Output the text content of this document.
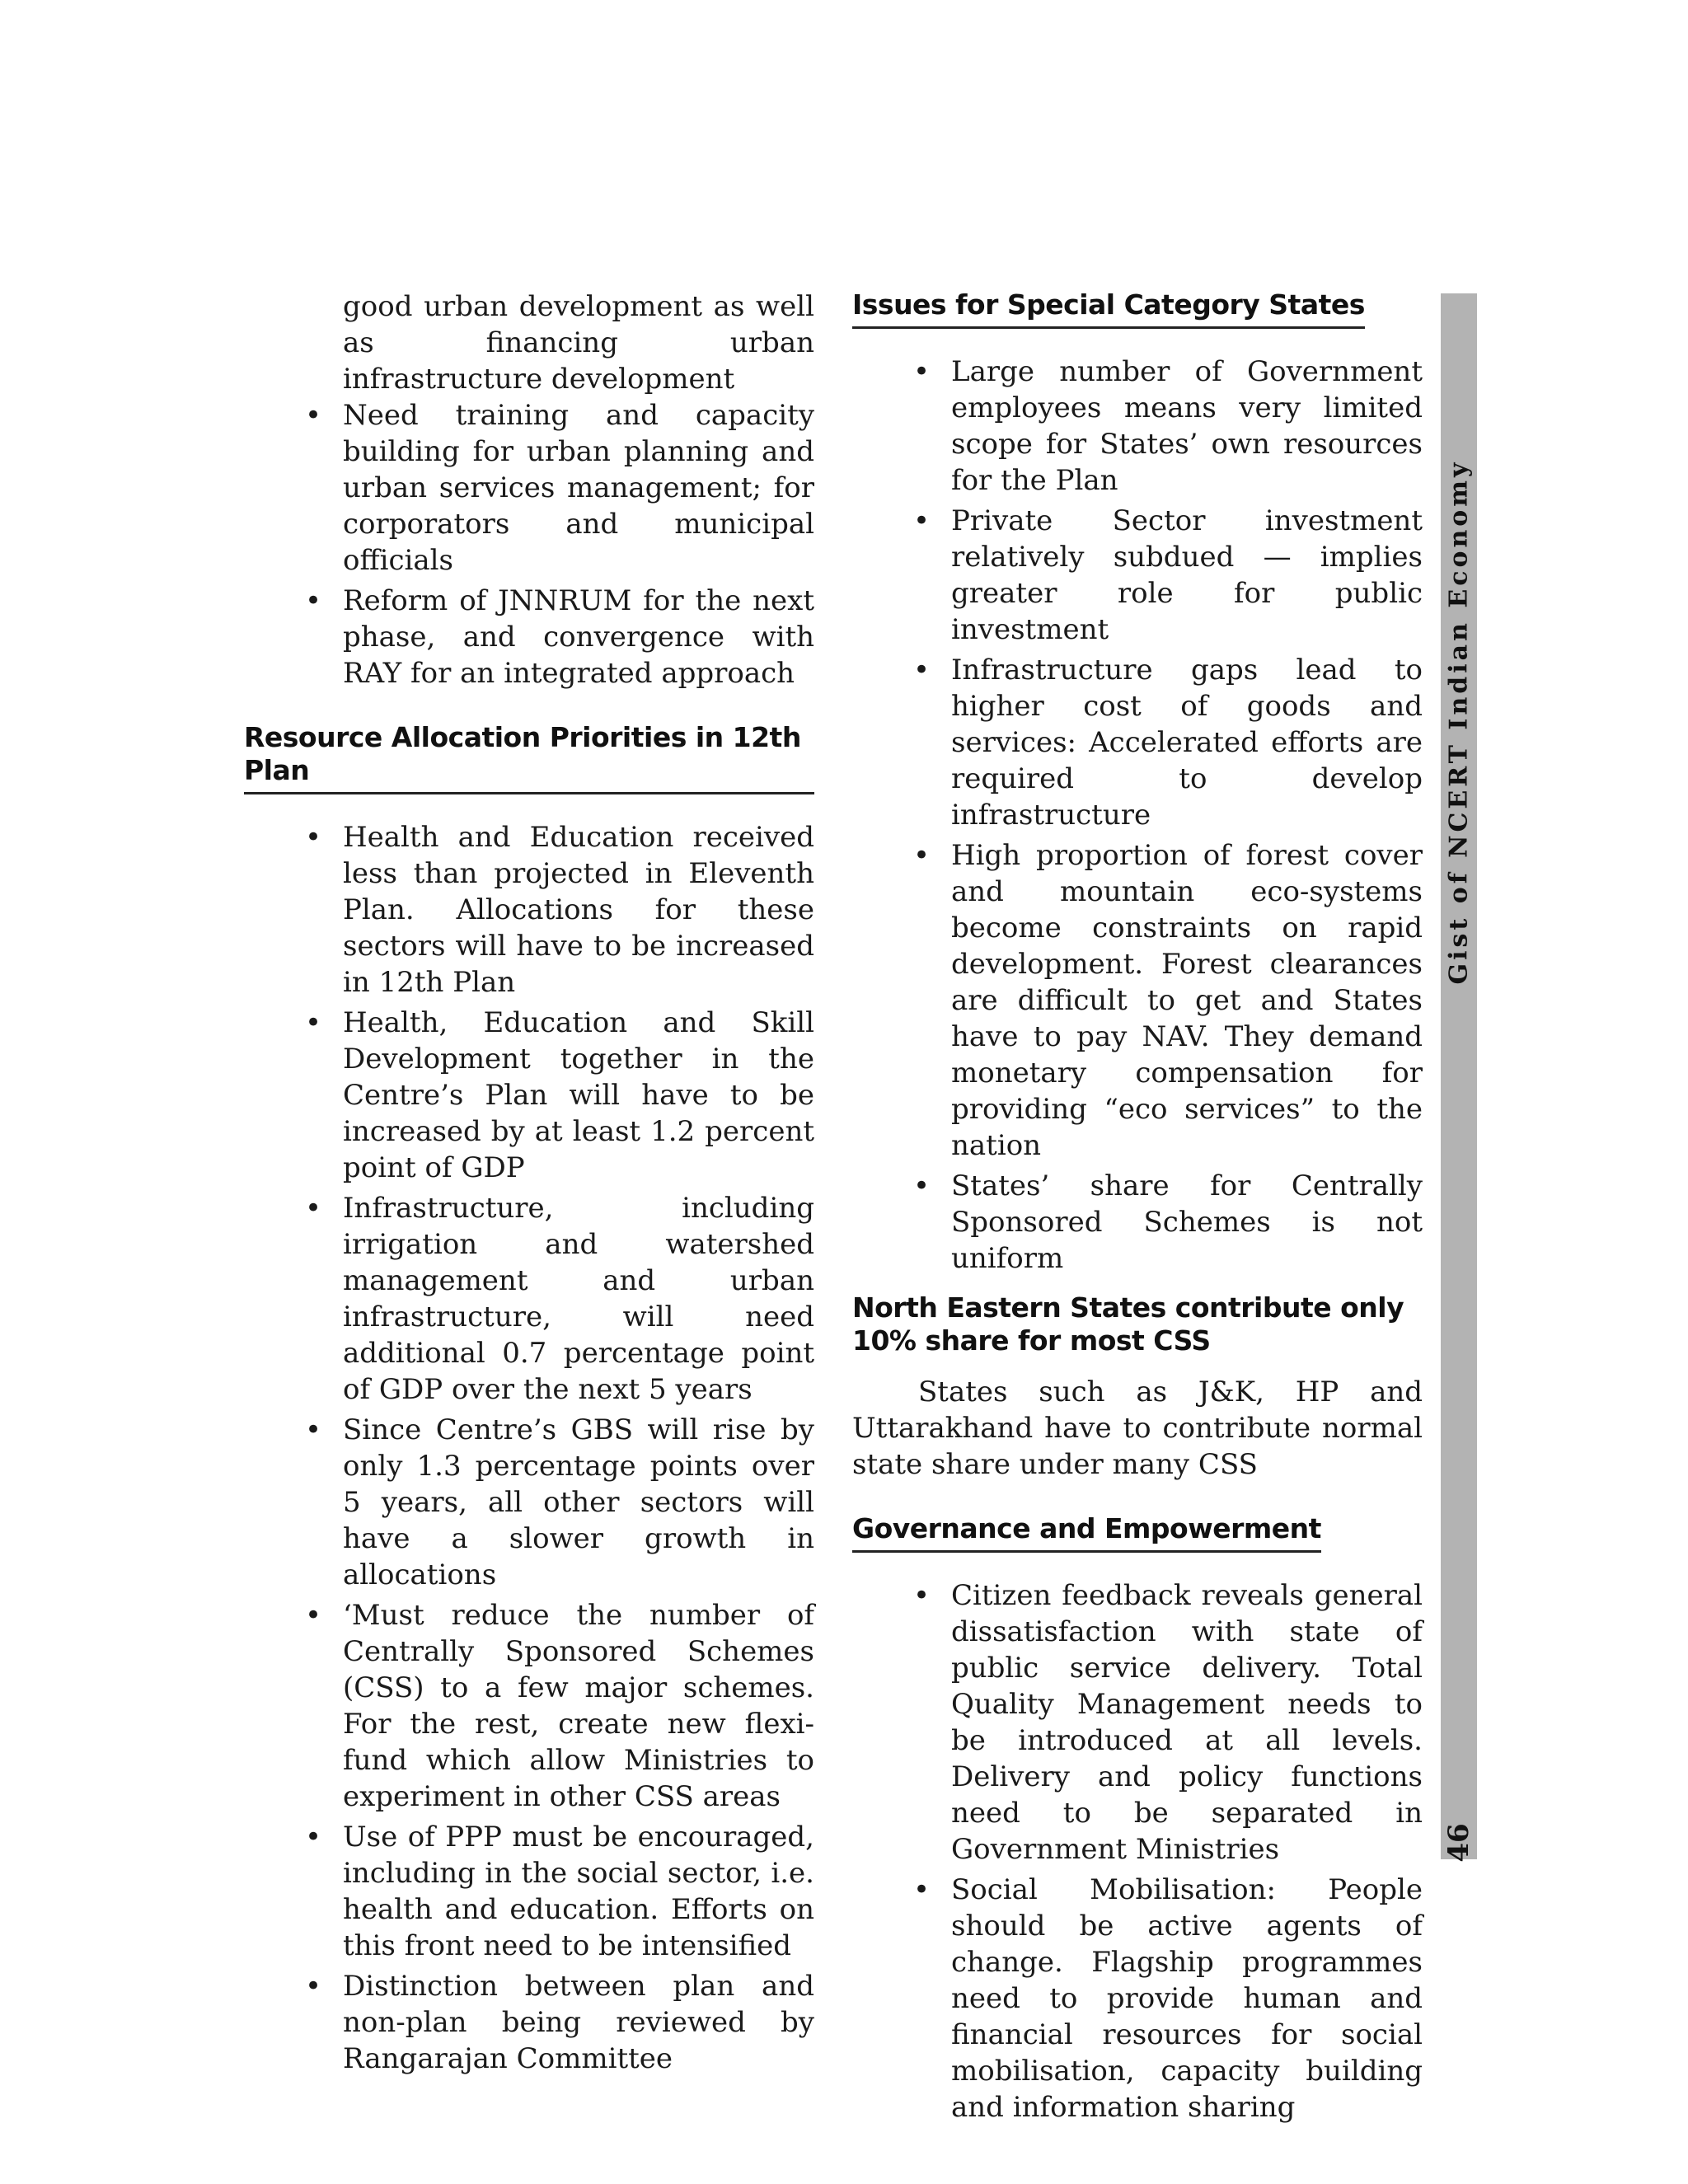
good urban development as well as financing urban infrastructure development

• Need training and capacity building for urban planning and urban services management; for corporators and municipal officials
• Reform of JNNRUM for the next phase, and convergence with RAY for an integrated approach
Resource Allocation Priorities in 12th Plan
• Health and Education received less than projected in Eleventh Plan. Allocations for these sectors will have to be increased in 12th Plan
• Health, Education and Skill Development together in the Centre’s Plan will have to be increased by at least 1.2 percent point of GDP
• Infrastructure, including irrigation and watershed management and urban infrastructure, will need additional 0.7 percentage point of GDP over the next 5 years
• Since Centre’s GBS will rise by only 1.3 percentage points over 5 years, all other sectors will have a slower growth in allocations
• ‘Must reduce the number of Centrally Sponsored Schemes (CSS) to a few major schemes. For the rest, create new flexi-fund which allow Ministries to experiment in other CSS areas
• Use of PPP must be encouraged, including in the social sector, i.e. health and education. Efforts on this front need to be intensified
• Distinction between plan and non-plan being reviewed by Rangarajan Committee
Issues for Special Category States
• Large number of Government employees means very limited scope for States’ own resources for the Plan
• Private Sector investment relatively subdued — implies greater role for public investment
• Infrastructure gaps lead to higher cost of goods and services: Accelerated efforts are required to develop infrastructure
• High proportion of forest cover and mountain eco-systems become constraints on rapid development. Forest clearances are difficult to get and States have to pay NAV. They demand monetary compensation for providing “eco services” to the nation
• States’ share for Centrally Sponsored Schemes is not uniform
North Eastern States contribute only 10% share for most CSS

States such as J&K, HP and Uttarakhand have to contribute normal state share under many CSS

Governance and Empowerment
• Citizen feedback reveals general dissatisfaction with state of public service delivery. Total Quality Management needs to be introduced at all levels. Delivery and policy functions need to be separated in Government Ministries
• Social Mobilisation: People should be active agents of change. Flagship programmes need to provide human and financial resources for social mobilisation, capacity building and information sharing
Gist of NCERT Indian Economy
46
